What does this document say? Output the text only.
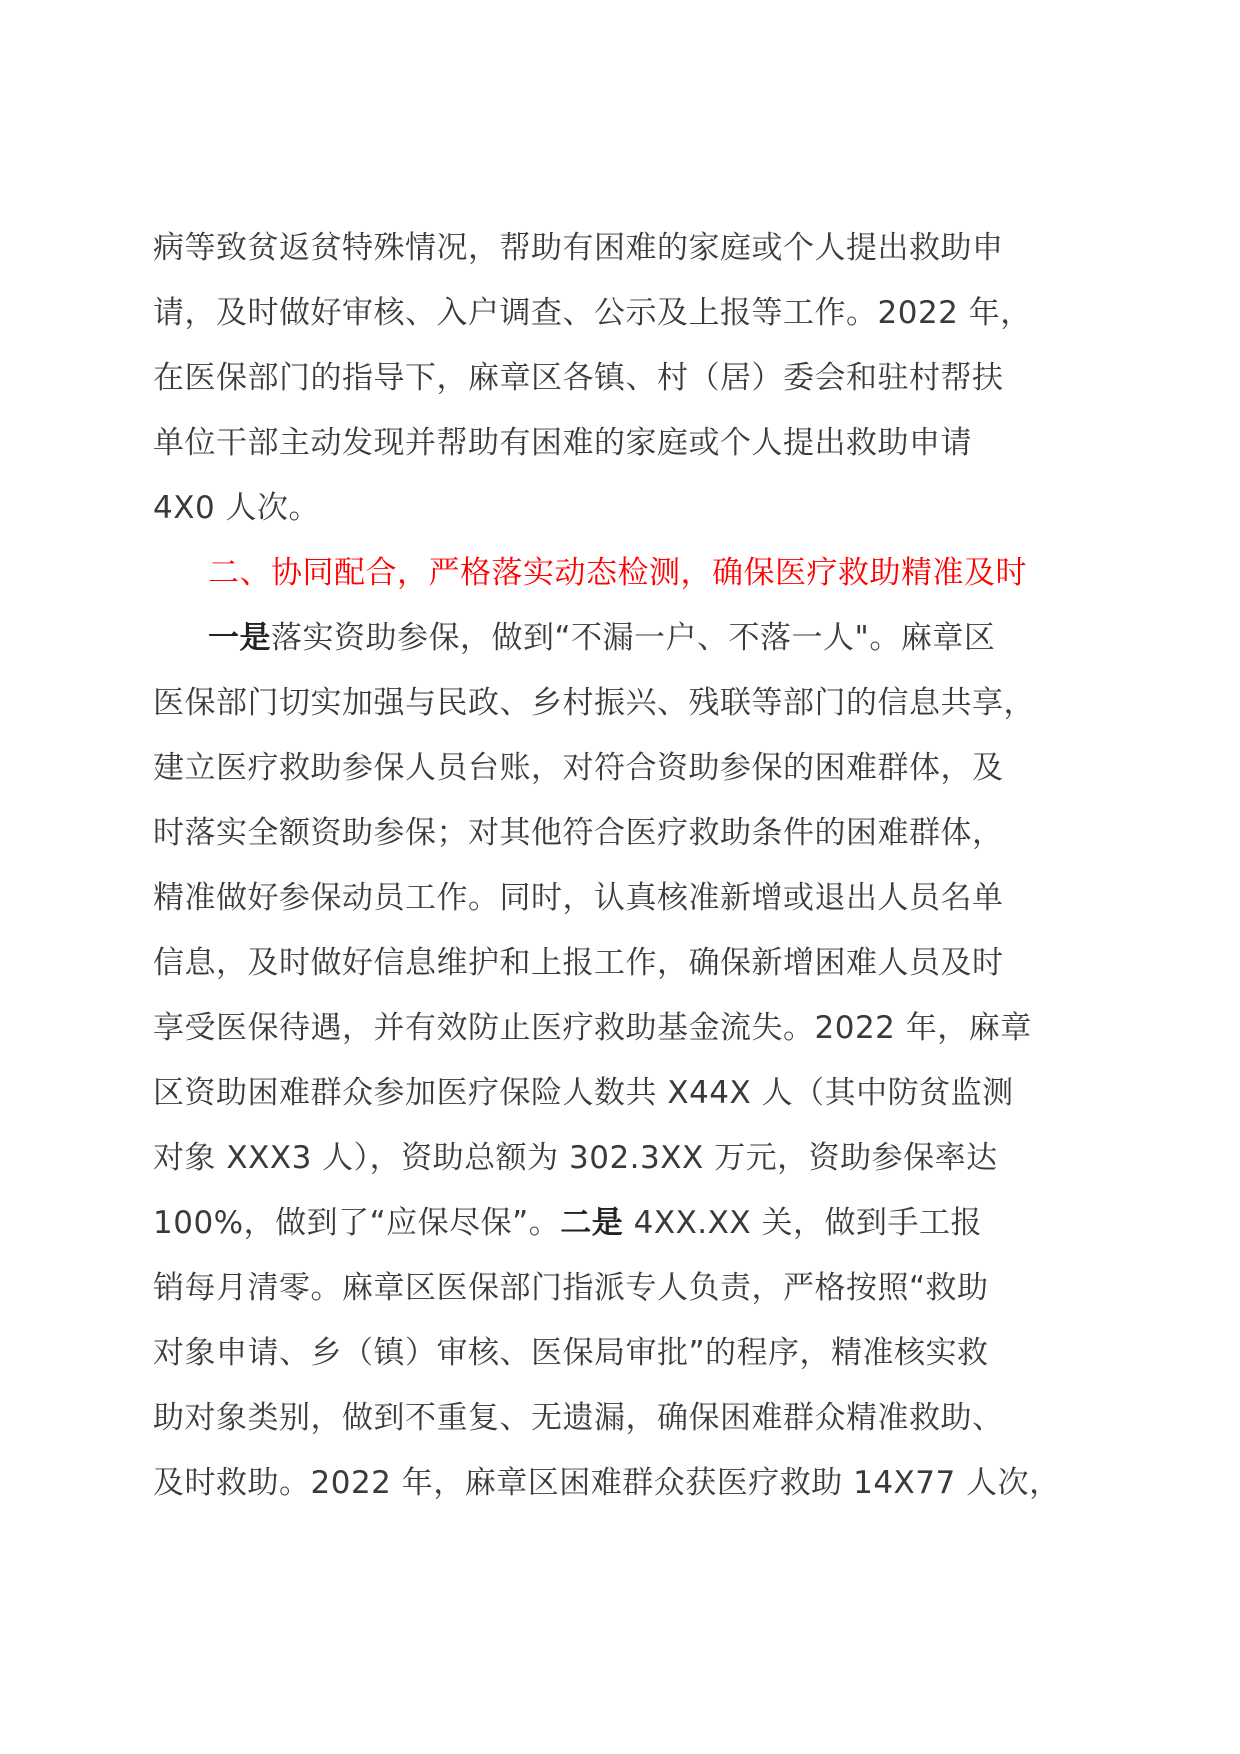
病等致贫返贫特殊情况，帮助有困难的家庭或个人提出救助申
请，及时做好审核、入户调查、公示及上报等工作。2022 年，
在医保部门的指导下，麻章区各镇、村（居）委会和驻村帮扶
单位干部主动发现并帮助有困难的家庭或个人提出救助申请
4X0 人次。
二、协同配合，严格落实动态检测，确保医疗救助精准及时
一是落实资助参保，做到“不漏一户、不落一人"。麻章区
医保部门切实加强与民政、乡村振兴、残联等部门的信息共享，
建立医疗救助参保人员台账，对符合资助参保的困难群体，及
时落实全额资助参保；对其他符合医疗救助条件的困难群体，
精准做好参保动员工作。同时，认真核准新增或退出人员名单
信息，及时做好信息维护和上报工作，确保新增困难人员及时
享受医保待遇，并有效防止医疗救助基金流失。2022 年，麻章
区资助困难群众参加医疗保险人数共 X44X 人（其中防贫监测
对象 XXX3 人），资助总额为 302.3XX 万元，资助参保率达
100%，做到了“应保尽保”。二是 4XX.XX 关，做到手工报
销每月清零。麻章区医保部门指派专人负责，严格按照“救助
对象申请、乡（镇）审核、医保局审批”的程序，精准核实救
助对象类别，做到不重复、无遗漏，确保困难群众精准救助、
及时救助。2022 年，麻章区困难群众获医疗救助 14X77 人次，
